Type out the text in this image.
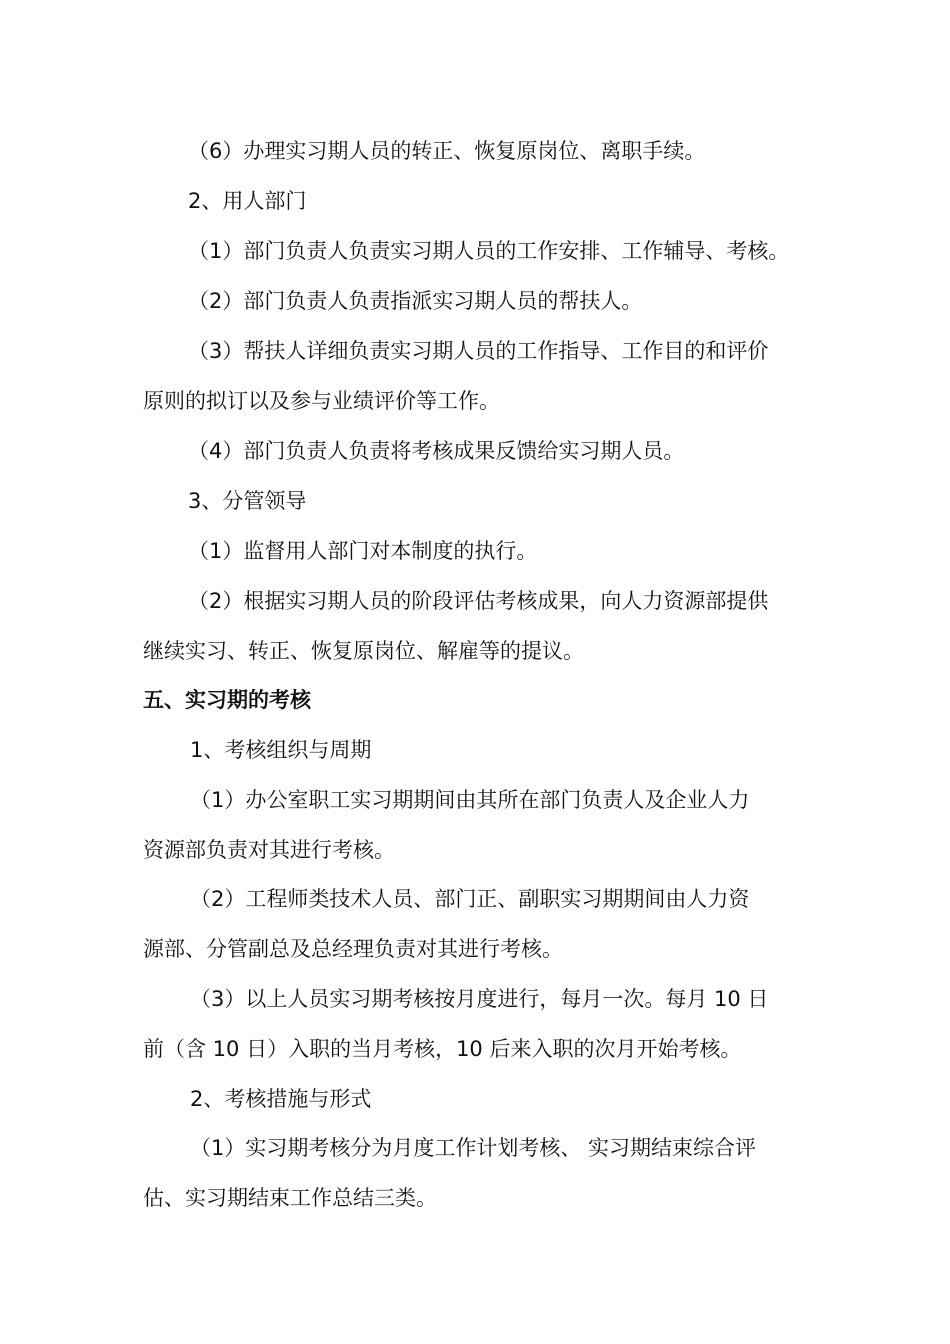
（6）办理实习期人员的转正、恢复原岗位、离职手续。
2、用人部门
（1）部门负责人负责实习期人员的工作安排、工作辅导、考核。
（2）部门负责人负责指派实习期人员的帮扶人。
（3）帮扶人详细负责实习期人员的工作指导、工作目的和评价
原则的拟订以及参与业绩评价等工作。
（4）部门负责人负责将考核成果反馈给实习期人员。
3、分管领导
（1）监督用人部门对本制度的执行。
（2）根据实习期人员的阶段评估考核成果，向人力资源部提供
继续实习、转正、恢复原岗位、解雇等的提议。
五、实习期的考核
1、考核组织与周期
（1）办公室职工实习期期间由其所在部门负责人及企业人力
资源部负责对其进行考核。
（2）工程师类技术人员、部门正、副职实习期期间由人力资
源部、分管副总及总经理负责对其进行考核。
（3）以上人员实习期考核按月度进行，每月一次。每月 10 日
前（含 10 日）入职的当月考核，10 后来入职的次月开始考核。
2、考核措施与形式
（1）实习期考核分为月度工作计划考核、 实习期结束综合评
估、实习期结束工作总结三类。
